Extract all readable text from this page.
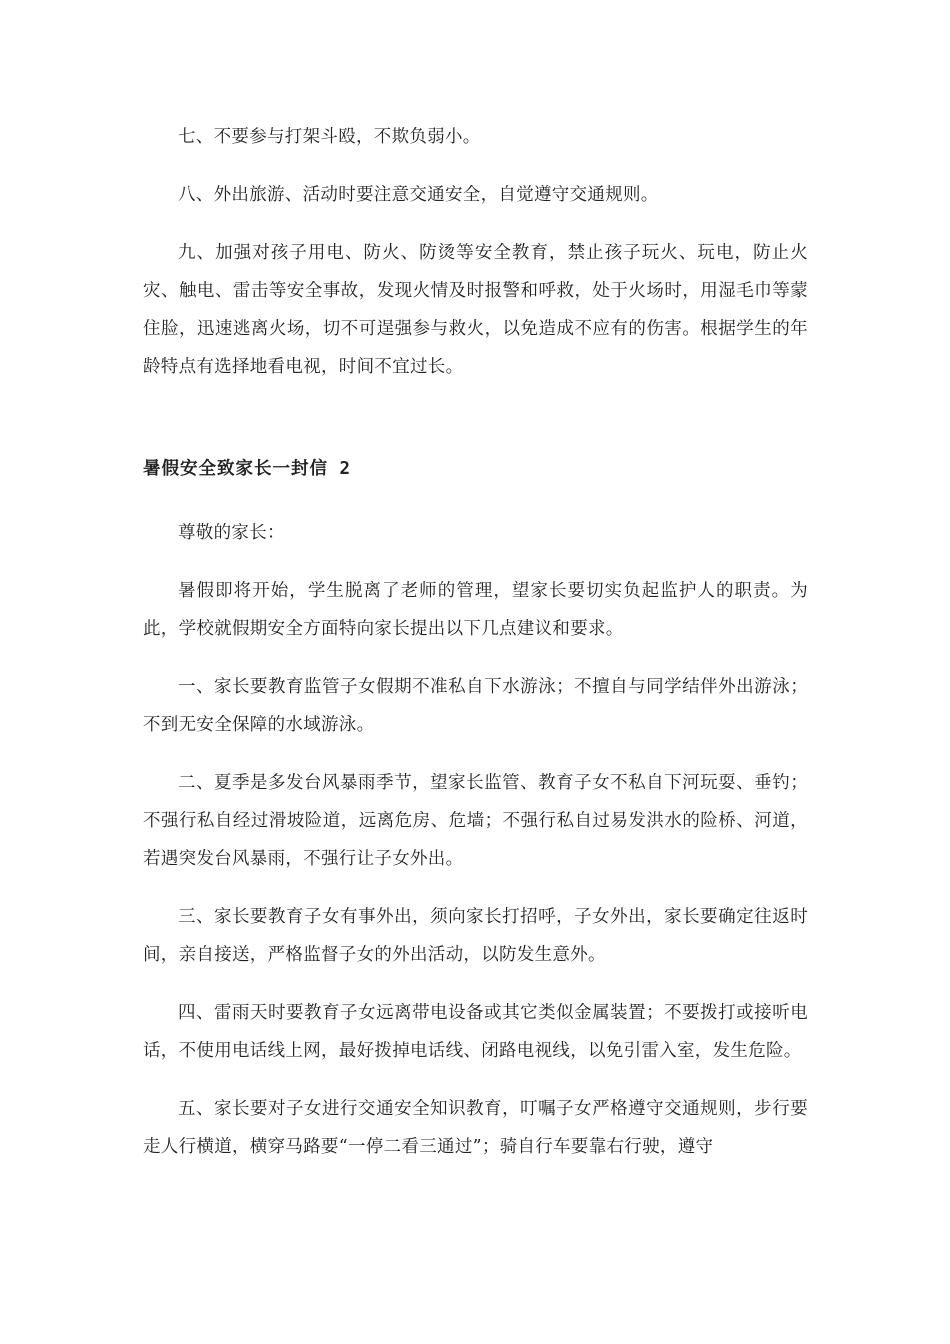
七、不要参与打架斗殴，不欺负弱小。

八、外出旅游、活动时要注意交通安全，自觉遵守交通规则。

九、加强对孩子用电、防火、防烫等安全教育，禁止孩子玩火、玩电，防止火灾、触电、雷击等安全事故，发现火情及时报警和呼救，处于火场时，用湿毛巾等蒙住脸，迅速逃离火场，切不可逞强参与救火，以免造成不应有的伤害。根据学生的年龄特点有选择地看电视，时间不宜过长。

暑假安全致家长一封信 2

尊敬的家长：

暑假即将开始，学生脱离了老师的管理，望家长要切实负起监护人的职责。为此，学校就假期安全方面特向家长提出以下几点建议和要求。

一、家长要教育监管子女假期不准私自下水游泳；不擅自与同学结伴外出游泳；不到无安全保障的水域游泳。

二、夏季是多发台风暴雨季节，望家长监管、教育子女不私自下河玩耍、垂钓；不强行私自经过滑坡险道，远离危房、危墙；不强行私自过易发洪水的险桥、河道，若遇突发台风暴雨，不强行让子女外出。

三、家长要教育子女有事外出，须向家长打招呼，子女外出，家长要确定往返时间，亲自接送，严格监督子女的外出活动，以防发生意外。

四、雷雨天时要教育子女远离带电设备或其它类似金属装置；不要拨打或接听电话，不使用电话线上网，最好拨掉电话线、闭路电视线，以免引雷入室，发生危险。

五、家长要对子女进行交通安全知识教育，叮嘱子女严格遵守交通规则，步行要走人行横道，横穿马路要“一停二看三通过”；骑自行车要靠右行驶，遵守
